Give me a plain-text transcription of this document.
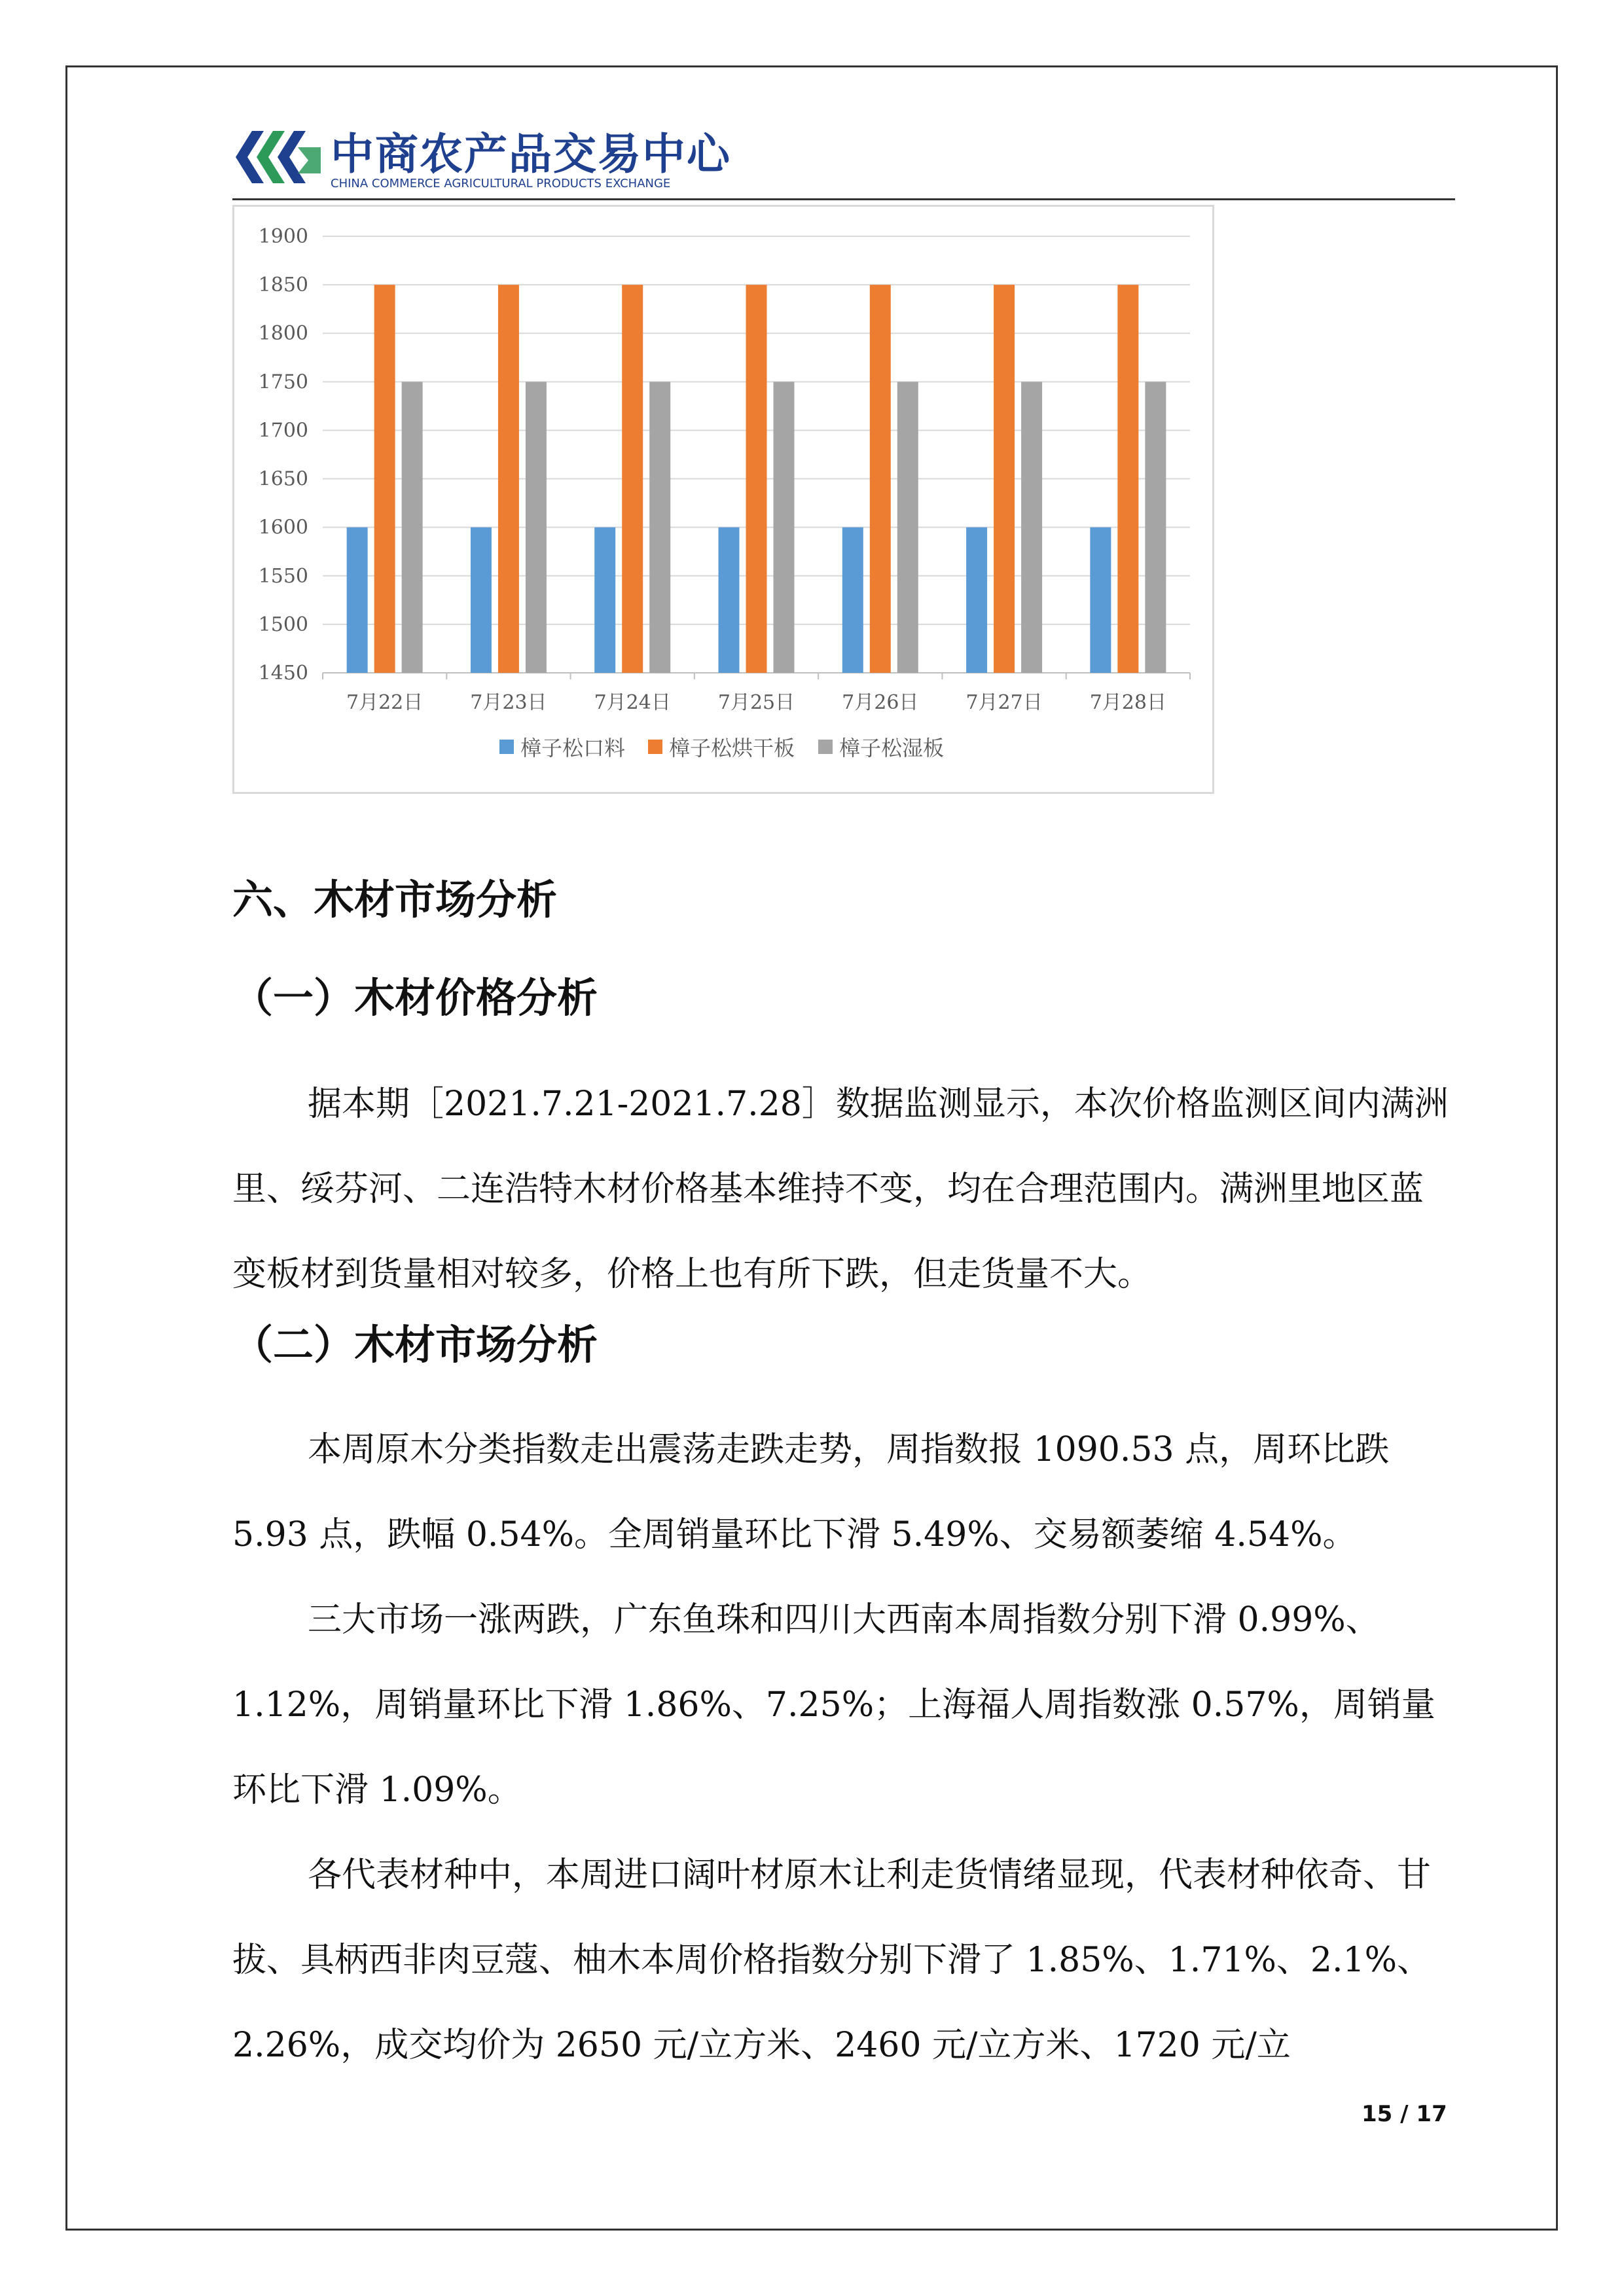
中商农产品交易中心
CHINA COMMERCE AGRICULTURAL PRODUCTS EXCHANGE
1900
1850
1800
1750
1700
1650
1600
1550
1500
1450
7月22日 7月23日 7月24日 7月25日 7月26日 7月27日 7月28日
樟子松口料 樟子松烘干板 樟子松湿板
六、木材市场分析
（一）木材价格分析

据本期［2021.7.21-2021.7.28］数据监测显示，本次价格监测区间内满洲里、绥芬河、二连浩特木材价格基本维持不变，均在合理范围内。满洲里地区蓝变板材到货量相对较多，价格上也有所下跌，但走货量不大。

（二）木材市场分析

本周原木分类指数走出震荡走跌走势，周指数报 1090.53 点，周环比跌 5.93 点，跌幅 0.54%。全周销量环比下滑 5.49%、交易额萎缩 4.54%。

三大市场一涨两跌，广东鱼珠和四川大西南本周指数分别下滑 0.99%、1.12%，周销量环比下滑 1.86%、7.25%；上海福人周指数涨 0.57%，周销量环比下滑 1.09%。

各代表材种中，本周进口阔叶材原木让利走货情绪显现，代表材种依奇、甘拔、具柄西非肉豆蔻、柚木本周价格指数分别下滑了 1.85%、1.71%、2.1%、2.26%，成交均价为 2650 元/立方米、2460 元/立方米、1720 元/立

15 / 17
